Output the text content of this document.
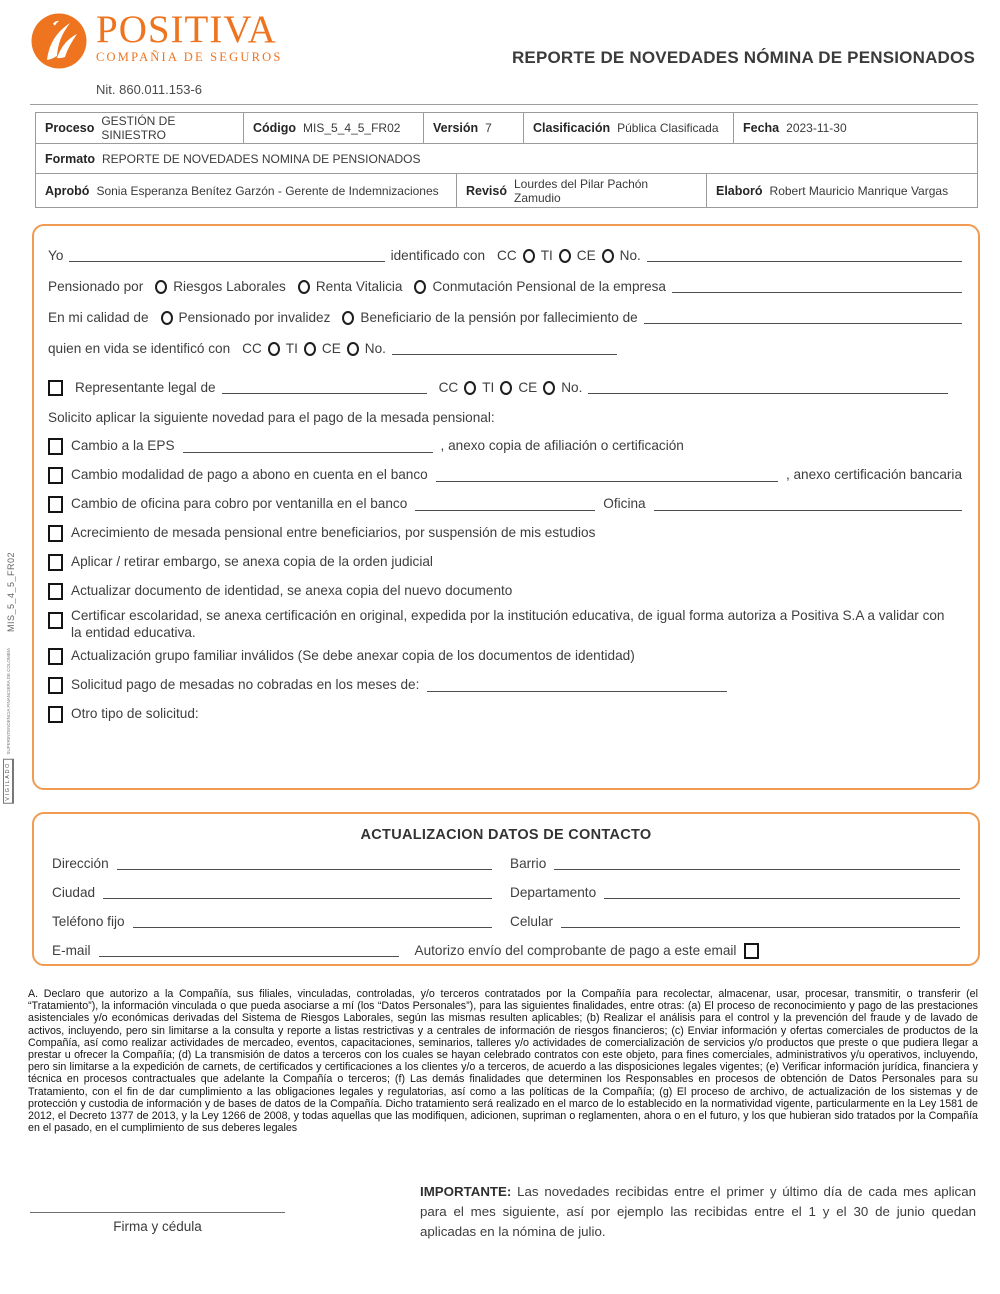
POSITIVA
COMPAÑIA DE SEGUROS
Nit. 860.011.153-6
REPORTE DE NOVEDADES NÓMINA DE PENSIONADOS
Proceso GESTIÓN DE SINIESTRO	Código MIS_5_4_5_FR02	Versión 7	Clasificación Pública Clasificada Fecha 2023-11-30
Formato REPORTE DE NOVEDADES NOMINA DE PENSIONADOS
Aprobó Sonia Esperanza Benítez Garzón - Gerente de Indemnizaciones Revisó Lourdes del Pilar Pachón Zamudio	Elaboró Robert Mauricio Manrique Vargas
MIS_5_4_5_FR02
SUPERINTENDENCIA FINANCIERA DE COLOMBIA
VIGILADO
Yo	identificado con CC TI CE No.
Pensionado por Riesgos Laborales Renta Vitalicia Conmutación Pensional de la empresa
En mi calidad de Pensionado por invalidez Beneficiario de la pensión por fallecimiento de
quien en vida se identificó con CC TI CE No.
Representante legal de	CC TI CE No.
Solicito aplicar la siguiente novedad para el pago de la mesada pensional:
Cambio a la EPS	, anexo copia de afiliación o certificación
Cambio modalidad de pago a abono en cuenta en el banco	, anexo certificación bancaria
Cambio de oficina para cobro por ventanilla en el banco	Oficina
Acrecimiento de mesada pensional entre beneficiarios, por suspensión de mis estudios
Aplicar / retirar embargo, se anexa copia de la orden judicial
Actualizar documento de identidad, se anexa copia del nuevo documento
Certificar escolaridad, se anexa certificación en original, expedida por la institución educativa, de igual forma autoriza a Positiva S.A a validar con la entidad educativa.
Actualización grupo familiar inválidos (Se debe anexar copia de los documentos de identidad)
Solicitud pago de mesadas no cobradas en los meses de:
Otro tipo de solicitud:
ACTUALIZACION DATOS DE CONTACTO
Dirección	Barrio
Ciudad	Departamento
Teléfono fijo	Celular
E-mail	Autorizo envío del comprobante de pago a este email
A. Declaro que autorizo a la Compañía, sus filiales, vinculadas, controladas, y/o terceros contratados por la Compañía para recolectar, almacenar, usar, procesar, transmitir, o transferir (el “Tratamiento”), la información vinculada o que pueda asociarse a mí (los “Datos Personales”), para las siguientes finalidades, entre otras: (a) El proceso de reconocimiento y pago de las prestaciones asistenciales y/o económicas derivadas del Sistema de Riesgos Laborales, según las mismas resulten aplicables; (b) Realizar el análisis para el control y la prevención del fraude y de lavado de activos, incluyendo, pero sin limitarse a la consulta y reporte a listas restrictivas y a centrales de información de riesgos financieros; (c) Enviar información y ofertas comerciales de productos de la Compañía, así como realizar actividades de mercadeo, eventos, capacitaciones, seminarios, talleres y/o actividades de comercialización de servicios y/o productos que preste o que pudiera llegar a prestar u ofrecer la Compañía; (d) La transmisión de datos a terceros con los cuales se hayan celebrado contratos con este objeto, para fines comerciales, administrativos y/u operativos, incluyendo, pero sin limitarse a la expedición de carnets, de certificados y certificaciones a los clientes y/o a terceros, de acuerdo a las disposiciones legales vigentes; (e) Verificar información jurídica, financiera y técnica en procesos contractuales que adelante la Compañía o terceros; (f) Las demás finalidades que determinen los Responsables en procesos de obtención de Datos Personales para su Tratamiento, con el fin de dar cumplimiento a las obligaciones legales y regulatorias, así como a las políticas de la Compañía; (g) El proceso de archivo, de actualización de los sistemas y de protección y custodia de información y de bases de datos de la Compañía. Dicho tratamiento será realizado en el marco de lo establecido en la normatividad vigente, particularmente en la Ley 1581 de 2012, el Decreto 1377 de 2013, y la Ley 1266 de 2008, y todas aquellas que las modifiquen, adicionen, supriman o reglamenten, ahora o en el futuro, y los que hubieran sido tratados por la Compañía en el pasado, en el cumplimiento de sus deberes legales
Firma y cédula
IMPORTANTE: Las novedades recibidas entre el primer y último día de cada mes aplican para el mes siguiente, así por ejemplo las recibidas entre el 1 y el 30 de junio quedan aplicadas en la nómina de julio.
